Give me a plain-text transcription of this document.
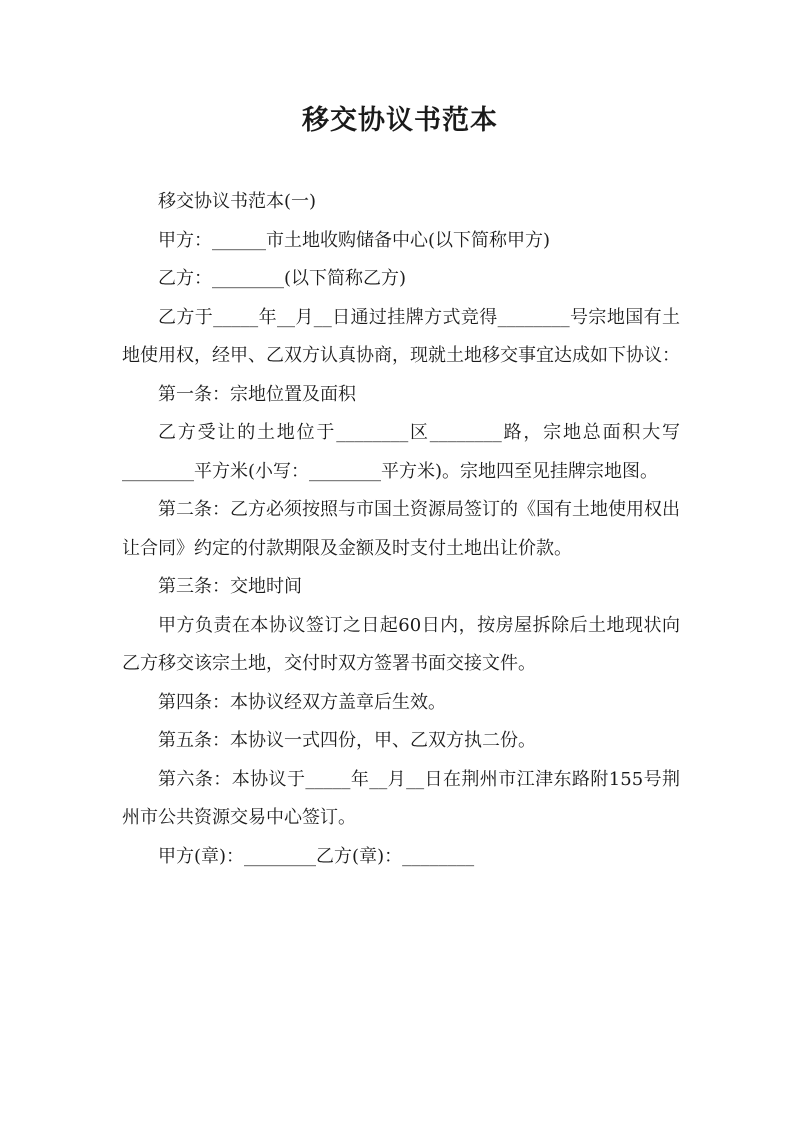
移交协议书范本

移交协议书范本(一)

甲方：______市土地收购储备中心(以下简称甲方)

乙方：________(以下简称乙方)

乙方于_____年__月__日通过挂牌方式竞得________号宗地国有土地使用权，经甲、乙双方认真协商，现就土地移交事宜达成如下协议：

第一条：宗地位置及面积

乙方受让的土地位于________区________路，宗地总面积大写________平方米(小写：________平方米)。宗地四至见挂牌宗地图。

第二条：乙方必须按照与市国土资源局签订的《国有土地使用权出让合同》约定的付款期限及金额及时支付土地出让价款。

第三条：交地时间

甲方负责在本协议签订之日起60日内，按房屋拆除后土地现状向乙方移交该宗土地，交付时双方签署书面交接文件。

第四条：本协议经双方盖章后生效。

第五条：本协议一式四份，甲、乙双方执二份。

第六条：本协议于_____年__月__日在荆州市江津东路附155号荆州市公共资源交易中心签订。

甲方(章)：________乙方(章)：________
